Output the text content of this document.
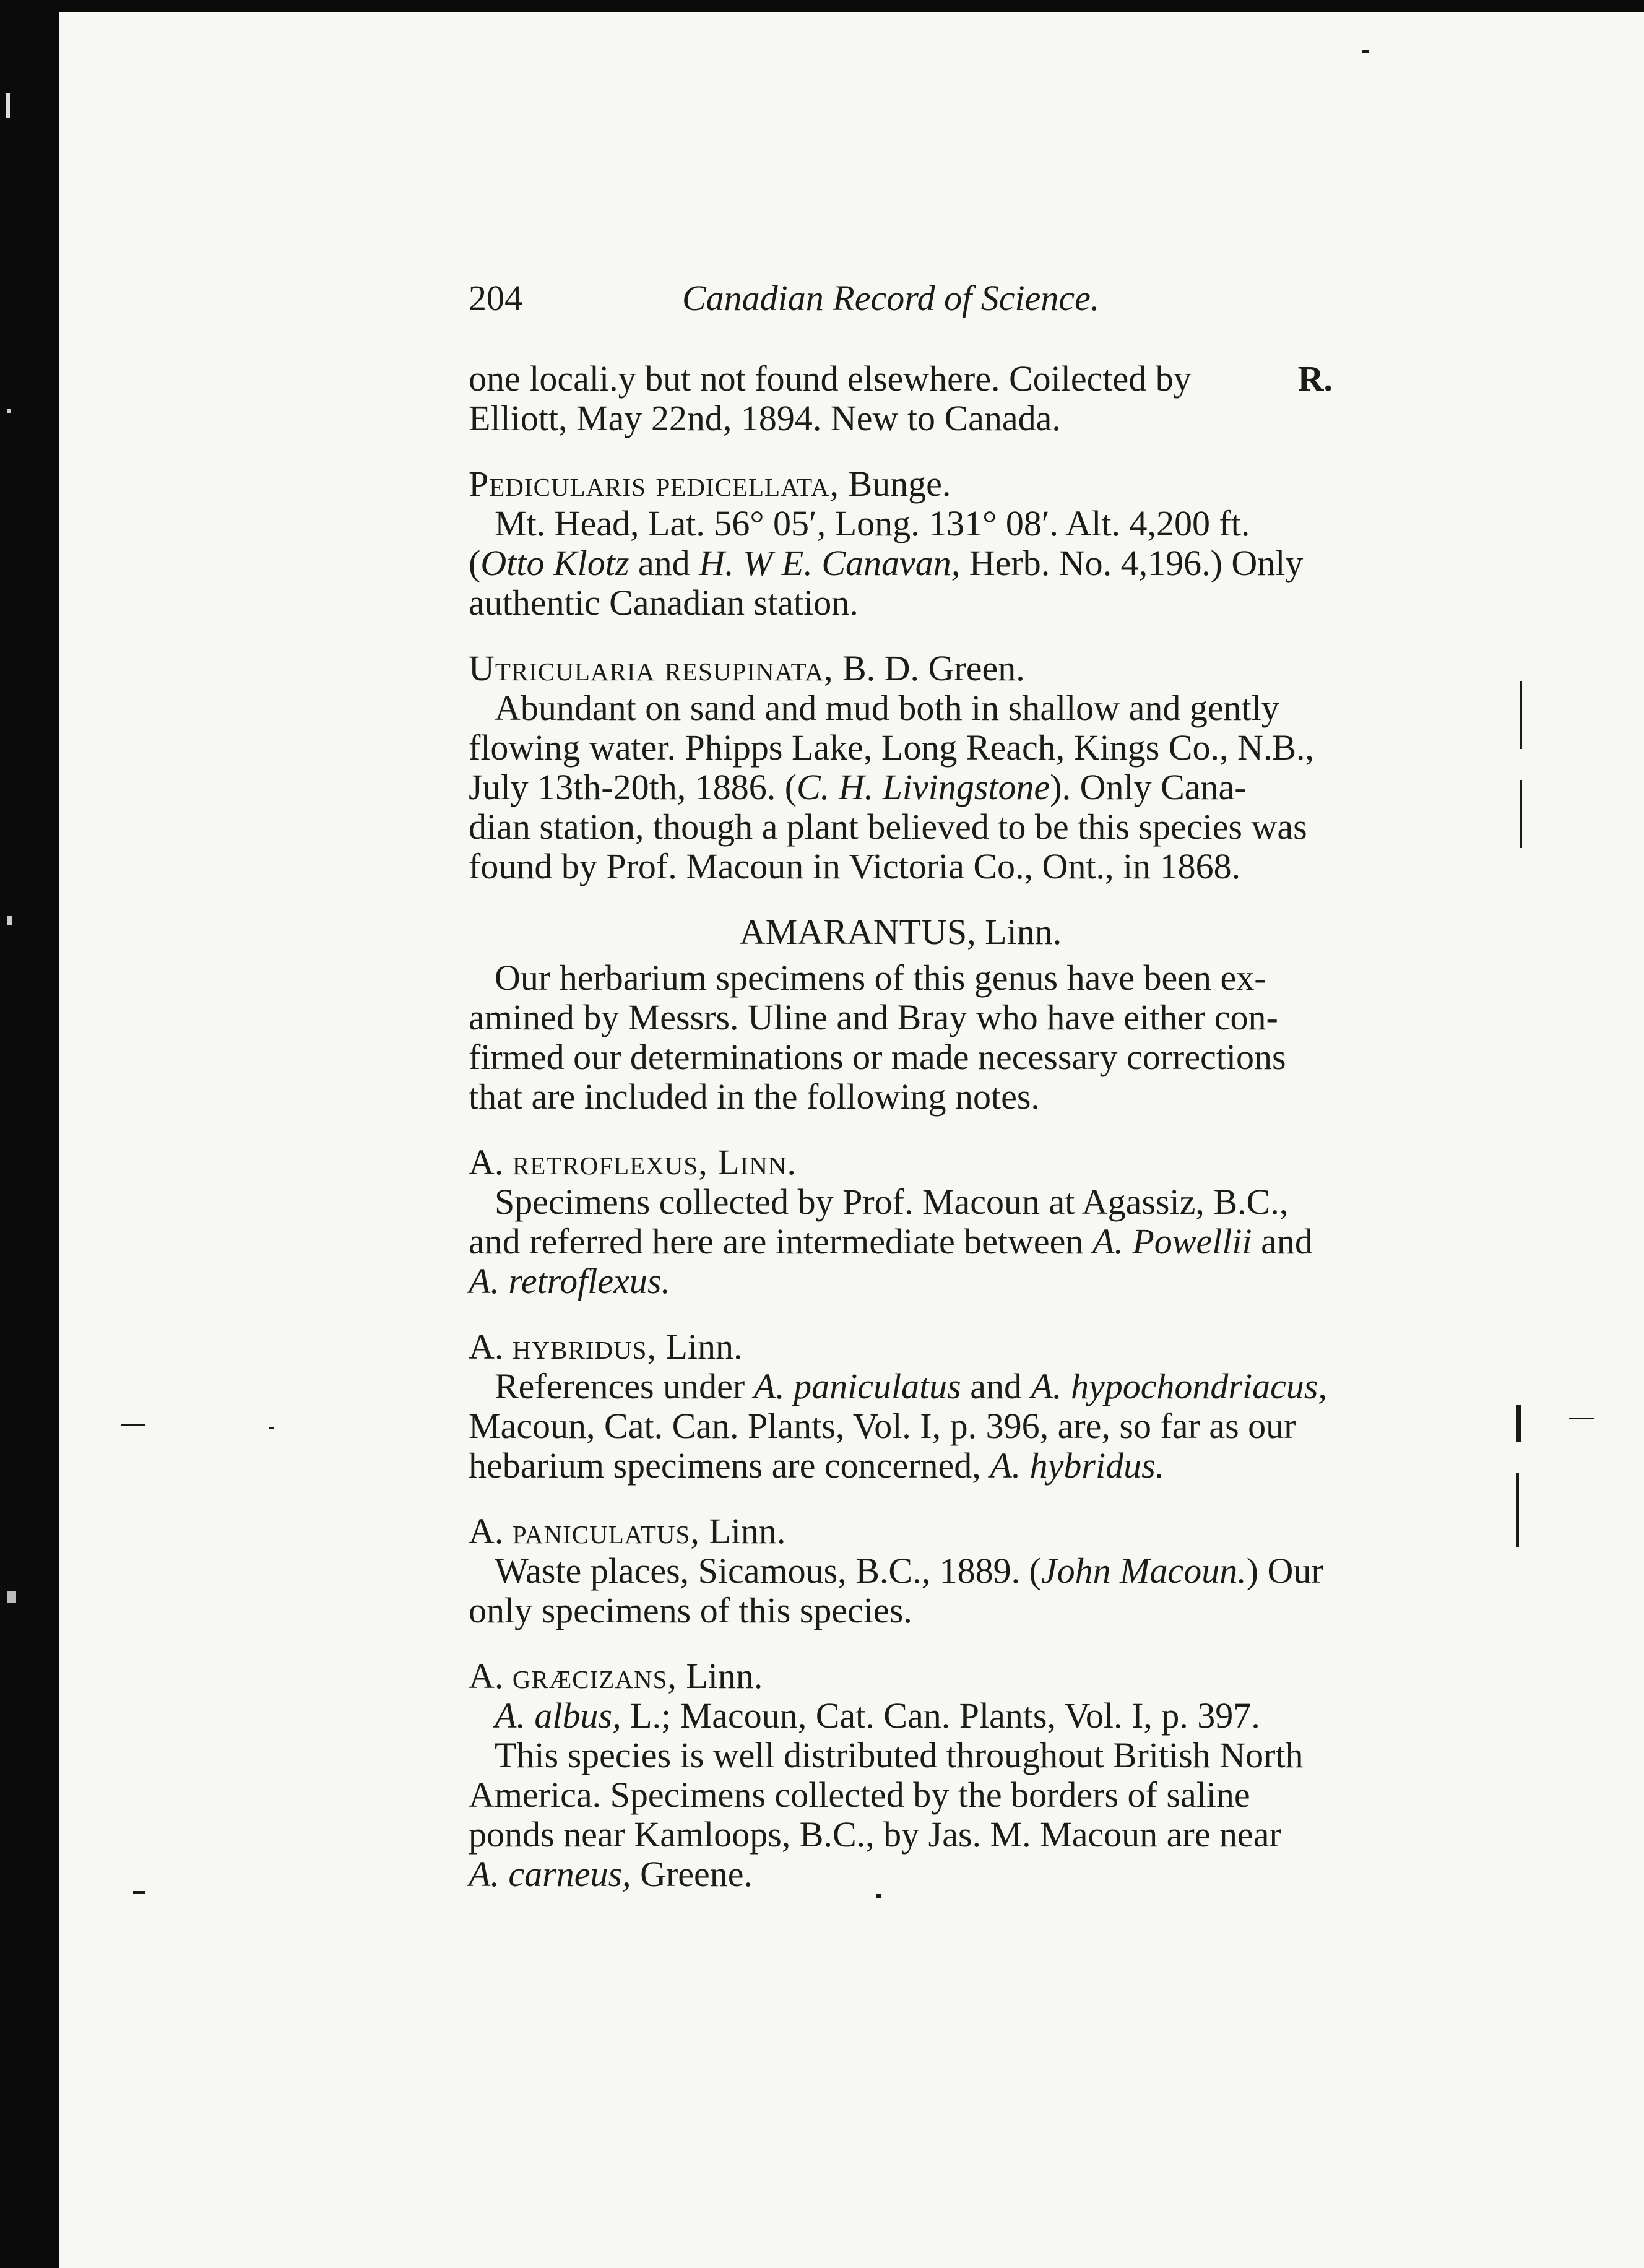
204	Canadian Record of Science.
one locali.y but not found elsewhere. Coilected by	R.
Elliott, May 22nd, 1894. New to Canada.
Pedicularis pedicellata,
Bunge.
Mt. Head, Lat. 56° 05′, Long. 131° 08′. Alt. 4,200 ft.
(Otto Klotz and H. W E. Canavan, Herb. No. 4,196.) Only
authentic Canadian station.
Utricularia resupinata,
B. D. Green.
Abundant on sand and mud both in shallow and gently
flowing water. Phipps Lake, Long Reach, Kings Co., N.B.,
July 13th-20th, 1886. (C. H. Livingstone). Only Cana-
dian station, though a plant believed to be this species was
found by Prof. Macoun in Victoria Co., Ont., in 1868.
AMARANTUS, Linn.
Our herbarium specimens of this genus have been ex-
amined by Messrs. Uline and Bray who have either con-
firmed our determinations or made necessary corrections
that are included in the following notes.
A.
retroflexus, Linn.
Specimens collected by Prof. Macoun at Agassiz, B.C.,
and referred here are intermediate between A. Powellii and
A. retroflexus.
A.
hybridus,
Linn.
References under A. paniculatus and A. hypochondriacus,
Macoun, Cat. Can. Plants, Vol. I, p. 396, are, so far as our
hebarium specimens are concerned, A. hybridus.
A.
paniculatus,
Linn.
Waste places, Sicamous, B.C., 1889. (John Macoun.) Our
only specimens of this species.
A.
græcizans,
Linn.
A. albus, L.; Macoun, Cat. Can. Plants, Vol. I, p. 397.
This species is well distributed throughout British North
America. Specimens collected by the borders of saline
ponds near Kamloops, B.C., by Jas. M. Macoun are near
A. carneus, Greene.
